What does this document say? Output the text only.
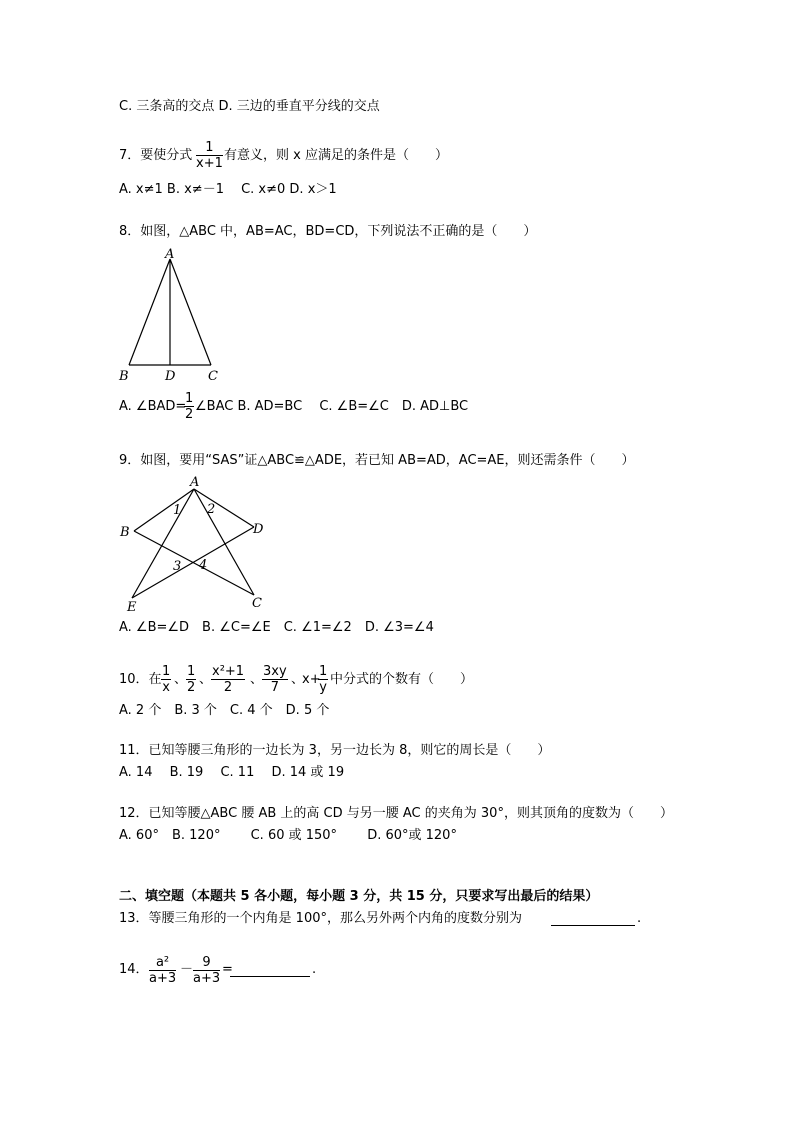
C. 三条高的交点 D. 三边的垂直平分线的交点
7．要使分式 $\frac{1}{x+1}$ 有意义，则 x 应满足的条件是（　　）
A. x≠1 B. x≠－1　 C. x≠0 D. x＞1
8．如图，△ABC 中，AB=AC，BD=CD，下列说法不正确的是（　　）
A
B	D	C
A. ∠BAD=
$\frac{1}{2}$ ∠BAC B. AD=BC　 C. ∠B=∠C　D. AD⊥BC
9．如图，要用“SAS”证△ABC≌△ADE，若已知 AB=AD，AC=AE，则还需条件（　　）
A
B	D
E	C
1 2
3 4
A. ∠B=∠D　B. ∠C=∠E　C. ∠1=∠2　D. ∠3=∠4
10．在 $\frac{1}{x}$ 、
$\frac{1}{2}$ 、
$\frac{\text{x²+1}}{2}$ 、
$\frac{3xy}{7}$ 、
x+
$\frac{1}{y}$ 中分式的个数有（　　）
A. 2 个　B. 3 个　C. 4 个　D. 5 个
11．已知等腰三角形的一边长为 3，另一边长为 8，则它的周长是（　　）
A. 14　 B. 19　 C. 11　 D. 14 或 19
12．已知等腰△ABC 腰 AB 上的高 CD 与另一腰 AC 的夹角为 30°，则其顶角的度数为（　　）
A. 60°　B. 120°　　 C. 60 或 150°　　 D. 60°或 120°
二、填空题（本题共 5 各小题，每小题 3 分，共 15 分，只要求写出最后的结果）
13．等腰三角形的一个内角是 100°，那么另外两个内角的度数分别为	.
14． $\frac{\text{a²}}{a+3} - \frac{9}{a+3}$ =	.
